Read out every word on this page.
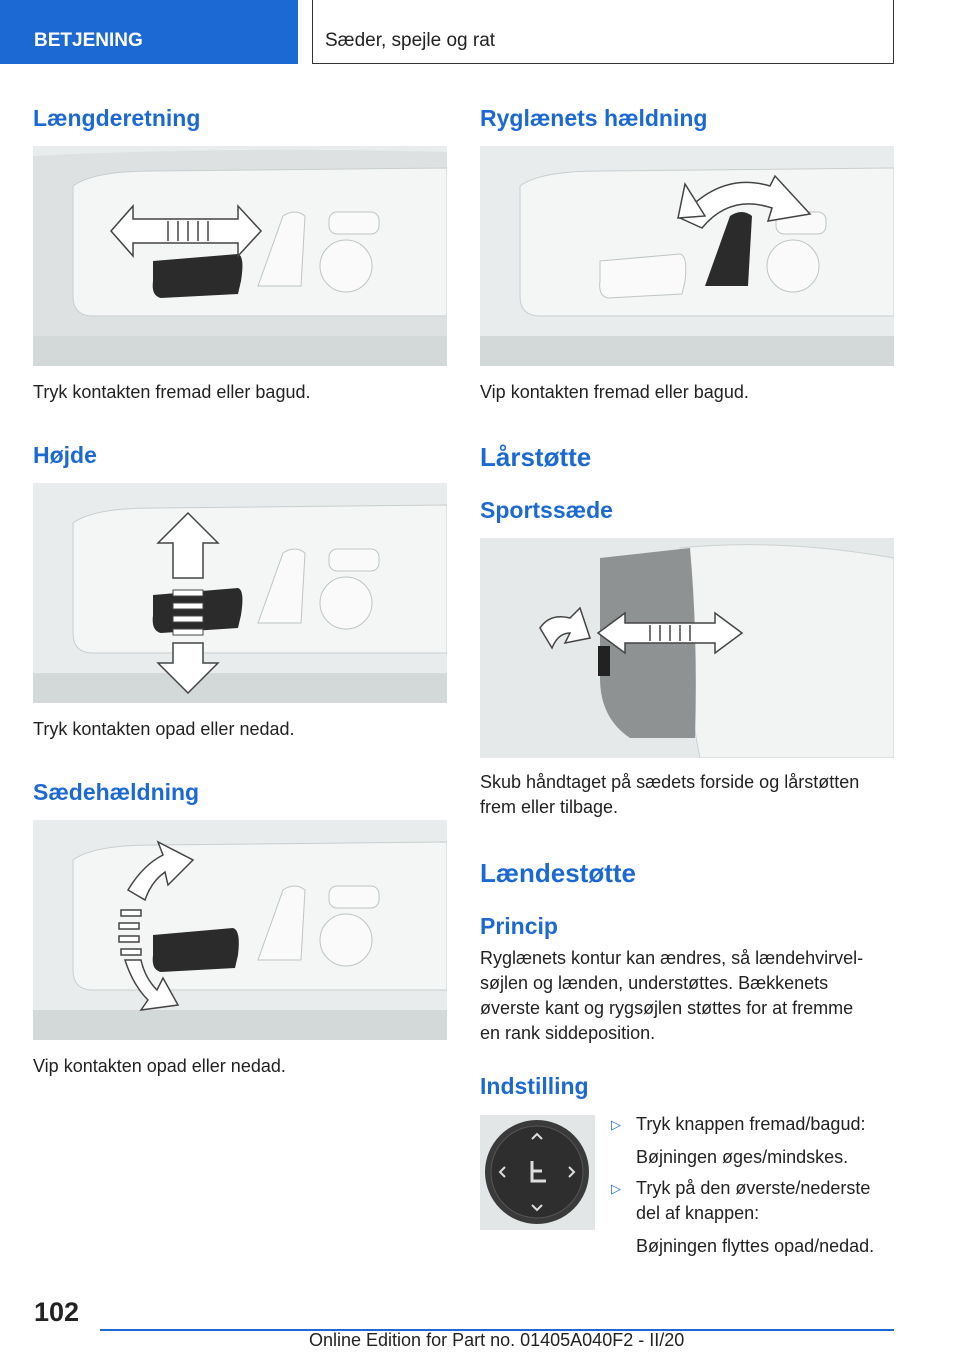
BETJENING	Sæder, spejle og rat
Længderetning
Tryk kontakten fremad eller bagud.
Højde
Tryk kontakten opad eller nedad.
Sædehældning
Vip kontakten opad eller nedad.
Ryglænets hældning
Vip kontakten fremad eller bagud.
Lårstøtte
Sportssæde
Skub håndtaget på sædets forside og lårstøtten
frem eller tilbage.
Lændestøtte
Princip
Ryglænets kontur kan ændres, så lændehvirvel-
søjlen og lænden, understøttes. Bækkenets
øverste kant og rygsøjlen støttes for at fremme
en rank siddeposition.
Indstilling
▷ Tryk knappen fremad/bagud:
Bøjningen øges/mindskes.
▷ Tryk på den øverste/nederste
del af knappen:
Bøjningen flyttes opad/nedad.
102
Online Edition for Part no. 01405A040F2 - II/20
